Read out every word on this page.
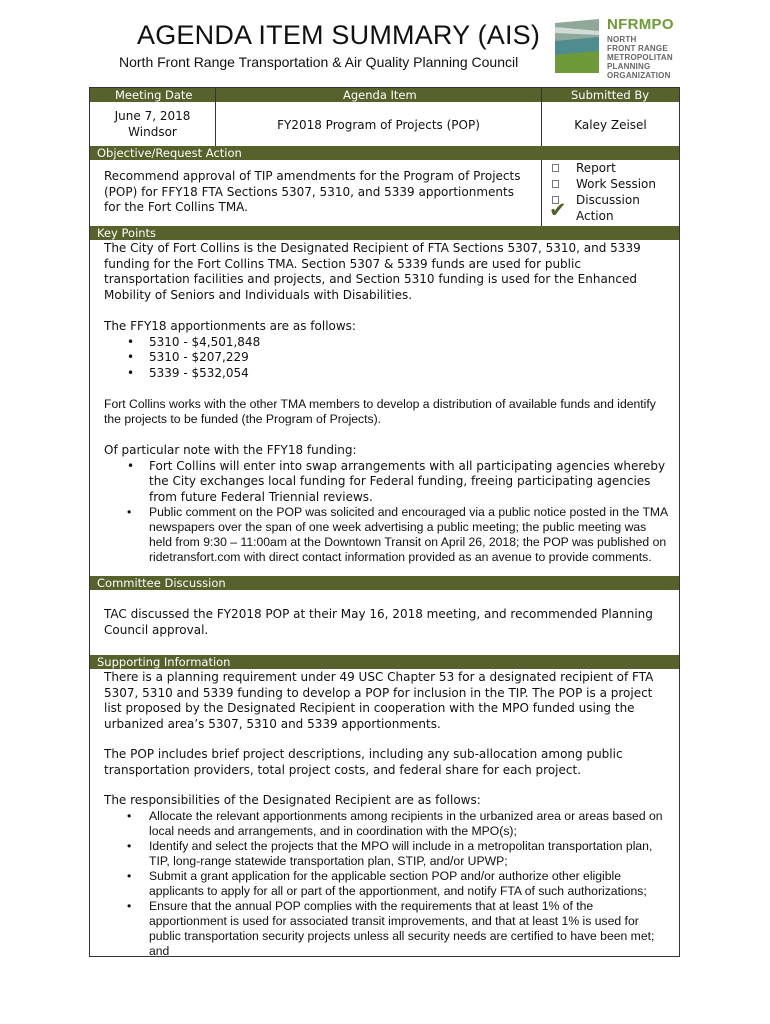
AGENDA ITEM SUMMARY (AIS)
North Front Range Transportation & Air Quality Planning Council
NFRMPO
NORTH
FRONT RANGE
METROPOLITAN
PLANNING
ORGANIZATION
Meeting Date	Agenda Item	Submitted By
June 7, 2018
Windsor	FY2018 Program of Projects (POP)	Kaley Zeisel
Objective/Request Action
Recommend approval of TIP amendments for the Program of Projects (POP) for FFY18 FTA Sections 5307, 5310, and 5339 apportionments for the Fort Collins TMA.
Report
Work Session
Discussion
✔ Action
Key Points

The City of Fort Collins is the Designated Recipient of FTA Sections 5307, 5310, and 5339 funding for the Fort Collins TMA. Section 5307 & 5339 funds are used for public transportation facilities and projects, and Section 5310 funding is used for the Enhanced Mobility of Seniors and Individuals with Disabilities.

The FFY18 apportionments are as follows:

• 5310 - $4,501,848
• 5310 - $207,229
• 5339 - $532,054

Fort Collins works with the other TMA members to develop a distribution of available funds and identify the projects to be funded (the Program of Projects).

Of particular note with the FFY18 funding:

• Fort Collins will enter into swap arrangements with all participating agencies whereby the City exchanges local funding for Federal funding, freeing participating agencies from future Federal Triennial reviews.
• Public comment on the POP was solicited and encouraged via a public notice posted in the TMA newspapers over the span of one week advertising a public meeting; the public meeting was held from 9:30 – 11:00am at the Downtown Transit on April 26, 2018; the POP was published on ridetransfort.com with direct contact information provided as an avenue to provide comments.
Committee Discussion
TAC discussed the FY2018 POP at their May 16, 2018 meeting, and recommended Planning Council approval.
Supporting Information

There is a planning requirement under 49 USC Chapter 53 for a designated recipient of FTA 5307, 5310 and 5339 funding to develop a POP for inclusion in the TIP. The POP is a project list proposed by the Designated Recipient in cooperation with the MPO funded using the urbanized area’s 5307, 5310 and 5339 apportionments.

The POP includes brief project descriptions, including any sub-allocation among public transportation providers, total project costs, and federal share for each project.

The responsibilities of the Designated Recipient are as follows:

• Allocate the relevant apportionments among recipients in the urbanized area or areas based on local needs and arrangements, and in coordination with the MPO(s);
• Identify and select the projects that the MPO will include in a metropolitan transportation plan, TIP, long-range statewide transportation plan, STIP, and/or UPWP;
• Submit a grant application for the applicable section POP and/or authorize other eligible applicants to apply for all or part of the apportionment, and notify FTA of such authorizations;
• Ensure that the annual POP complies with the requirements that at least 1% of the apportionment is used for associated transit improvements, and that at least 1% is used for public transportation security projects unless all security needs are certified to have been met; and
